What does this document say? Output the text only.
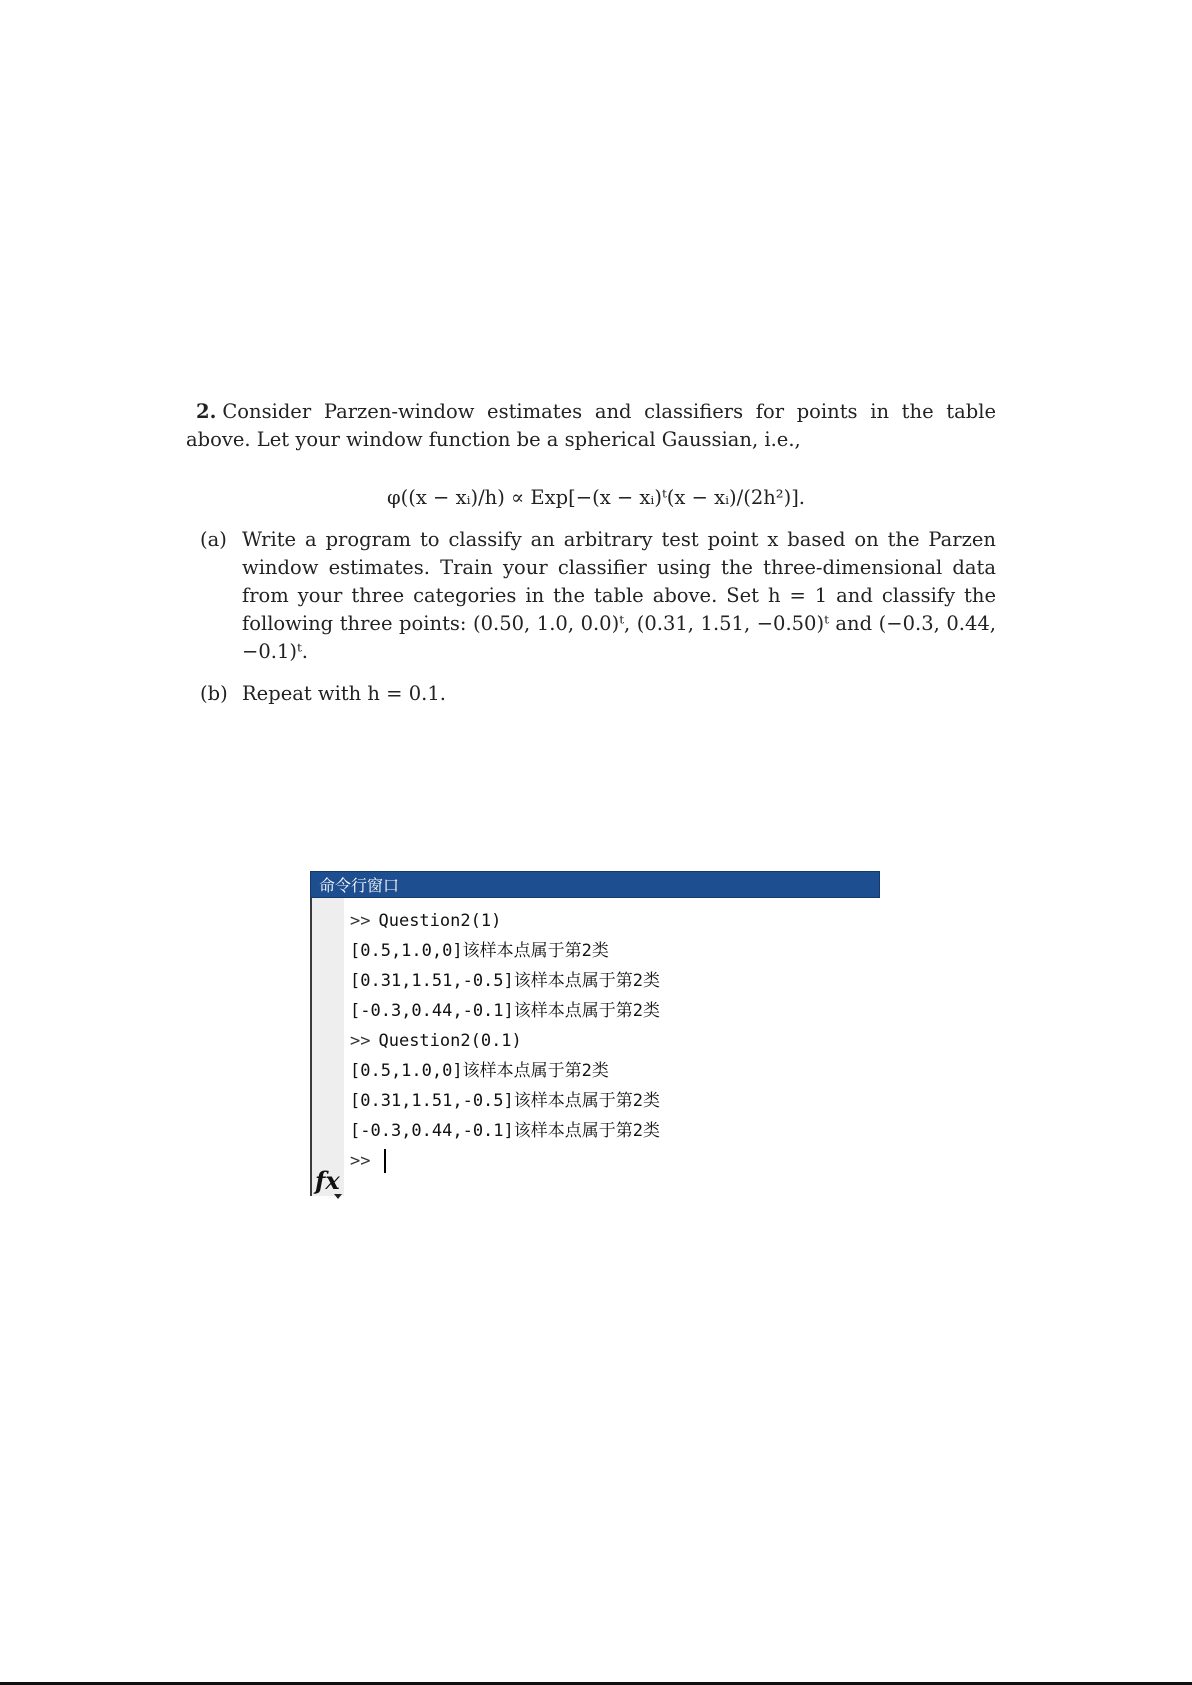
2. Consider Parzen-window estimates and classifiers for points in the table above. Let your window function be a spherical Gaussian, i.e.,

φ((x − xᵢ)/h) ∝ Exp[−(x − xᵢ)ᵗ(x − xᵢ)/(2h²)].

(a) Write a program to classify an arbitrary test point x based on the Parzen window estimates. Train your classifier using the three-dimensional data from your three categories in the table above. Set h = 1 and classify the following three points: (0.50, 1.0, 0.0)ᵗ, (0.31, 1.51, −0.50)ᵗ and (−0.3, 0.44, −0.1)ᵗ.

(b) Repeat with h = 0.1.

命令行窗口
>> Question2(1)
[0.5,1.0,0]该样本点属于第2类
[0.31,1.51,-0.5]该样本点属于第2类
[-0.3,0.44,-0.1]该样本点属于第2类
>> Question2(0.1)
[0.5,1.0,0]该样本点属于第2类
[0.31,1.51,-0.5]该样本点属于第2类
[-0.3,0.44,-0.1]该样本点属于第2类
>>
fx
